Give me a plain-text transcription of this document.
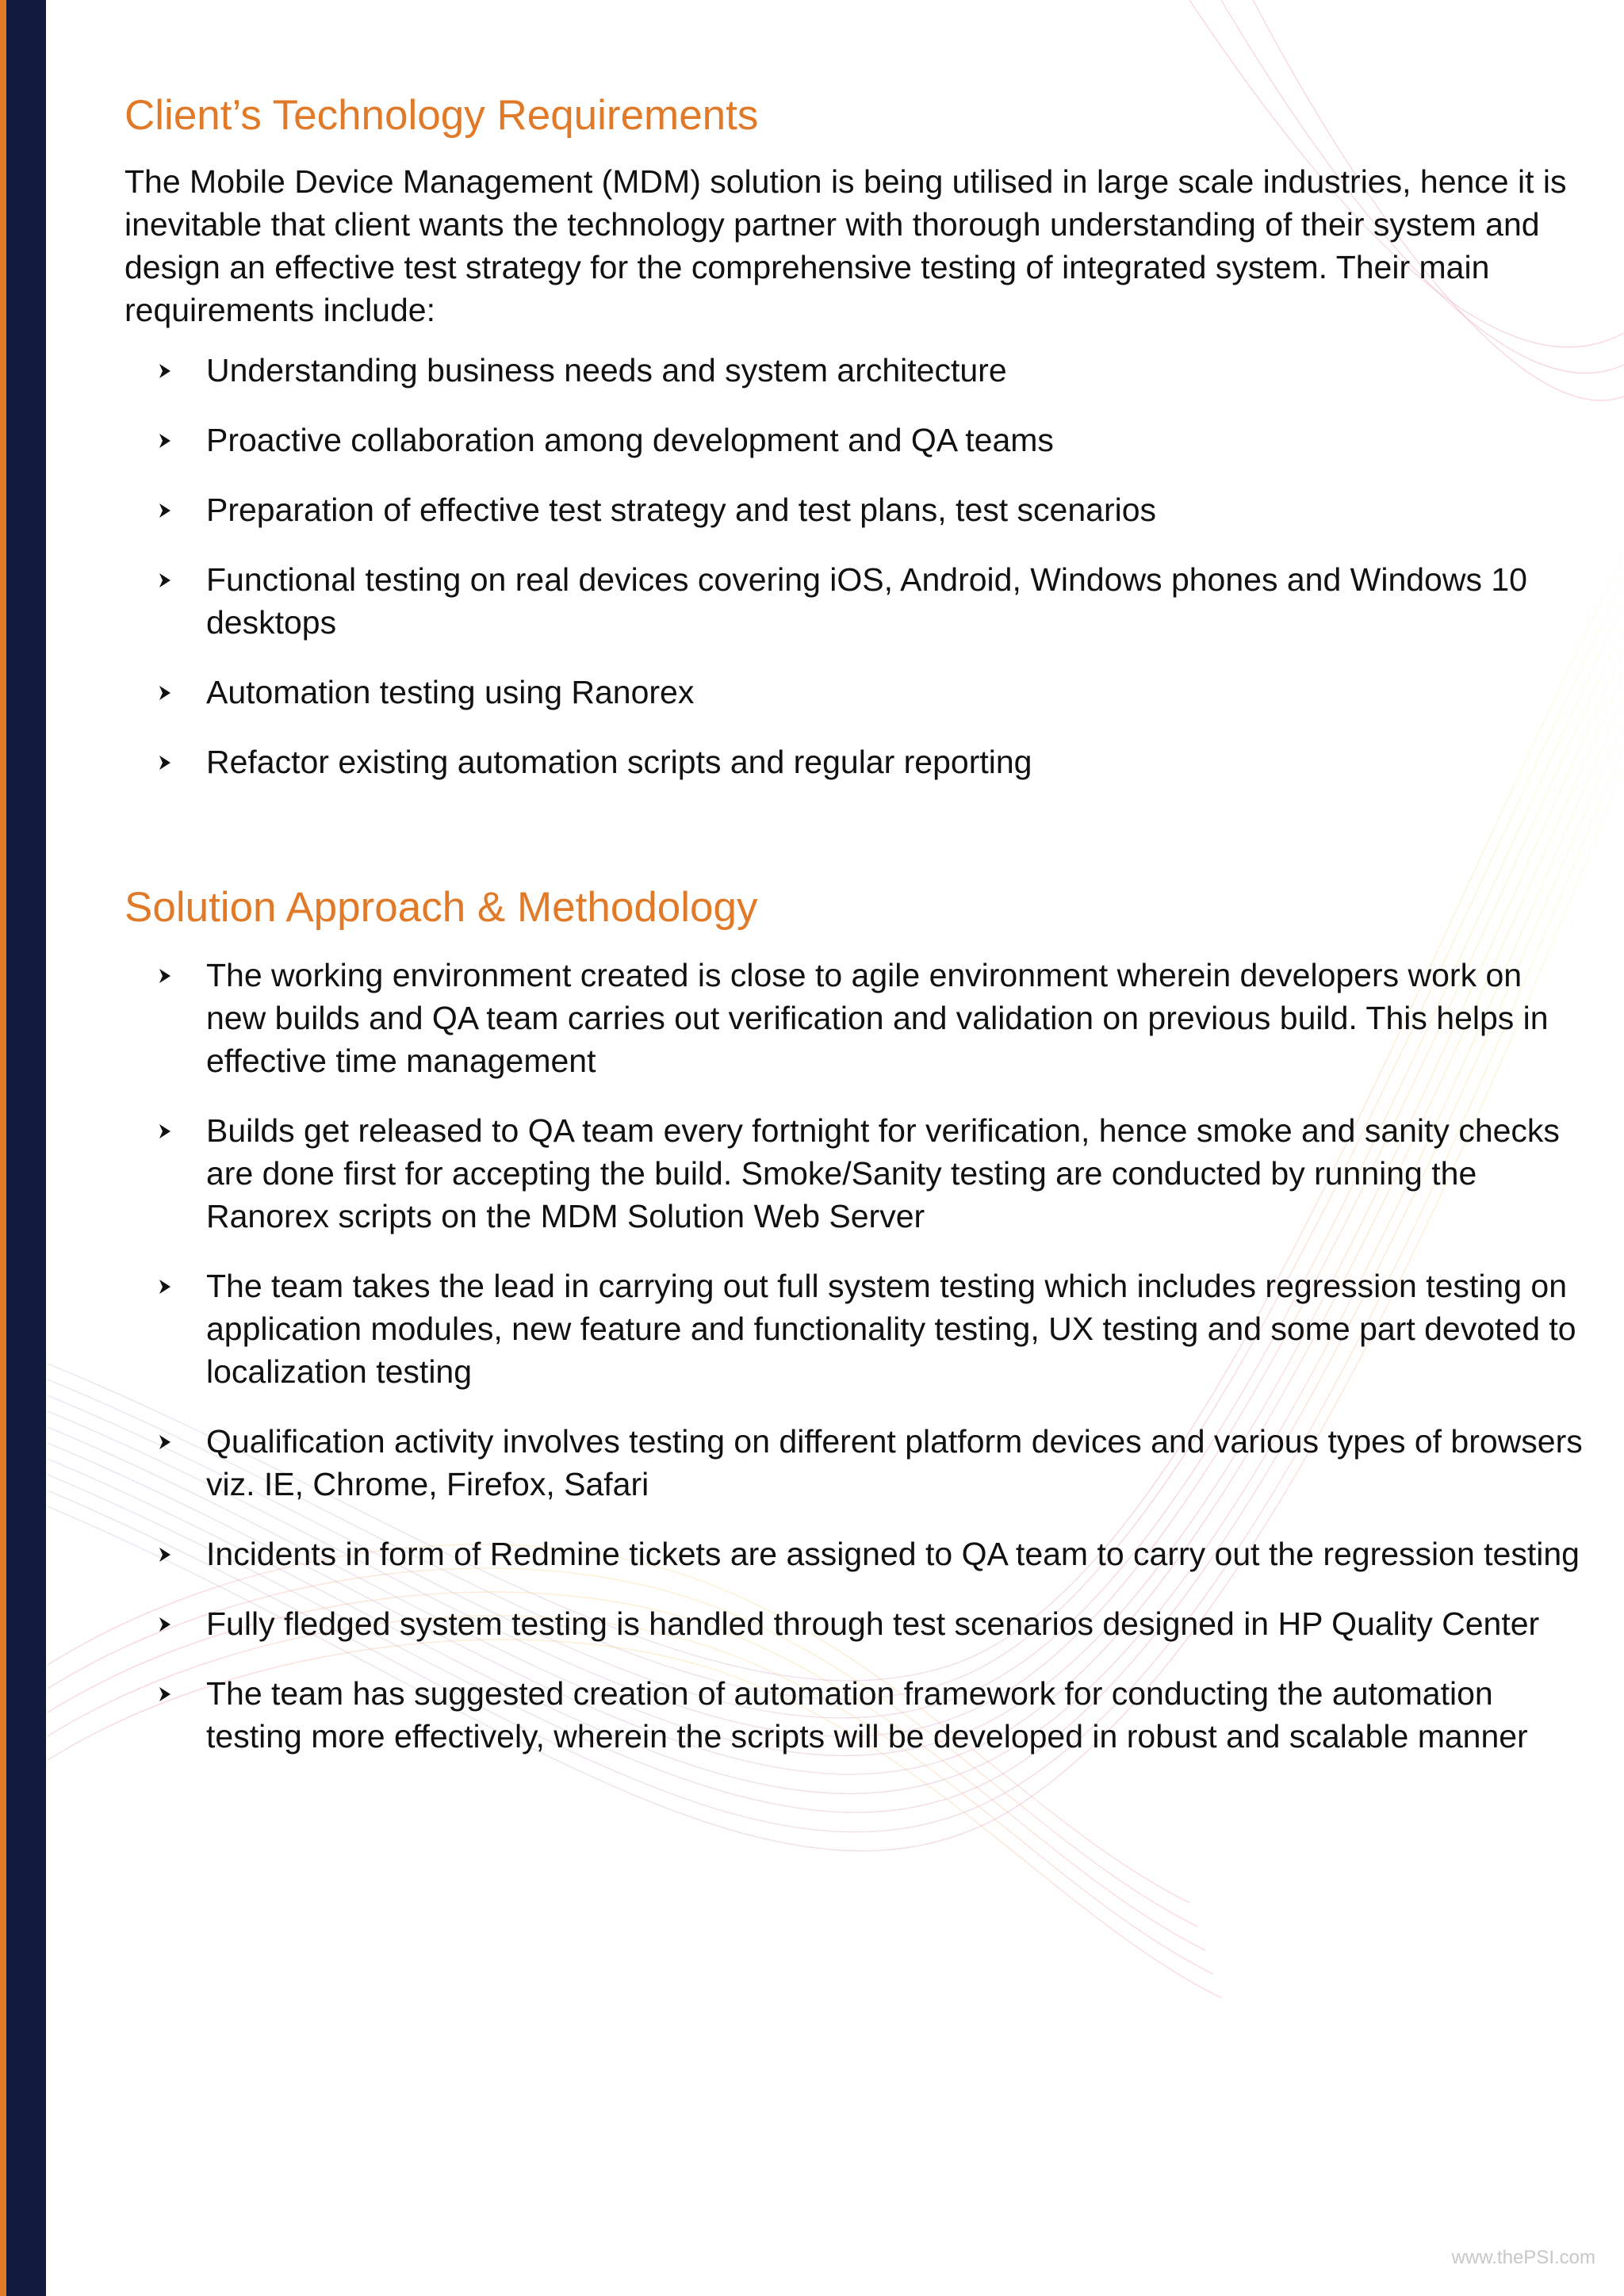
Client’s Technology Requirements

The Mobile Device Management (MDM) solution is being utilised in large scale industries, hence it is inevitable that client wants the technology partner with thorough understanding of their system and design an effective test strategy for the comprehensive testing of integrated system. Their main requirements include:

Understanding business needs and system architecture
Proactive collaboration among development and QA teams
Preparation of effective test strategy and test plans, test scenarios
Functional testing on real devices covering iOS, Android, Windows phones and Windows 10 desktops
Automation testing using Ranorex
Refactor existing automation scripts and regular reporting
Solution Approach & Methodology
The working environment created is close to agile environment wherein developers work on new builds and QA team carries out verification and validation on previous build. This helps in effective time management
Builds get released to QA team every fortnight for verification, hence smoke and sanity checks are done first for accepting the build. Smoke/Sanity testing are conducted by running the Ranorex scripts on the MDM Solution Web Server
The team takes the lead in carrying out full system testing which includes regression testing on application modules, new feature and functionality testing, UX testing and some part devoted to localization testing
Qualification activity involves testing on different platform devices and various types of browsers viz. IE, Chrome, Firefox, Safari
Incidents in form of Redmine tickets are assigned to QA team to carry out the regression testing
Fully fledged system testing is handled through test scenarios designed in HP Quality Center
The team has suggested creation of automation framework for conducting the automation testing more effectively, wherein the scripts will be developed in robust and scalable manner
www.thePSI.com
